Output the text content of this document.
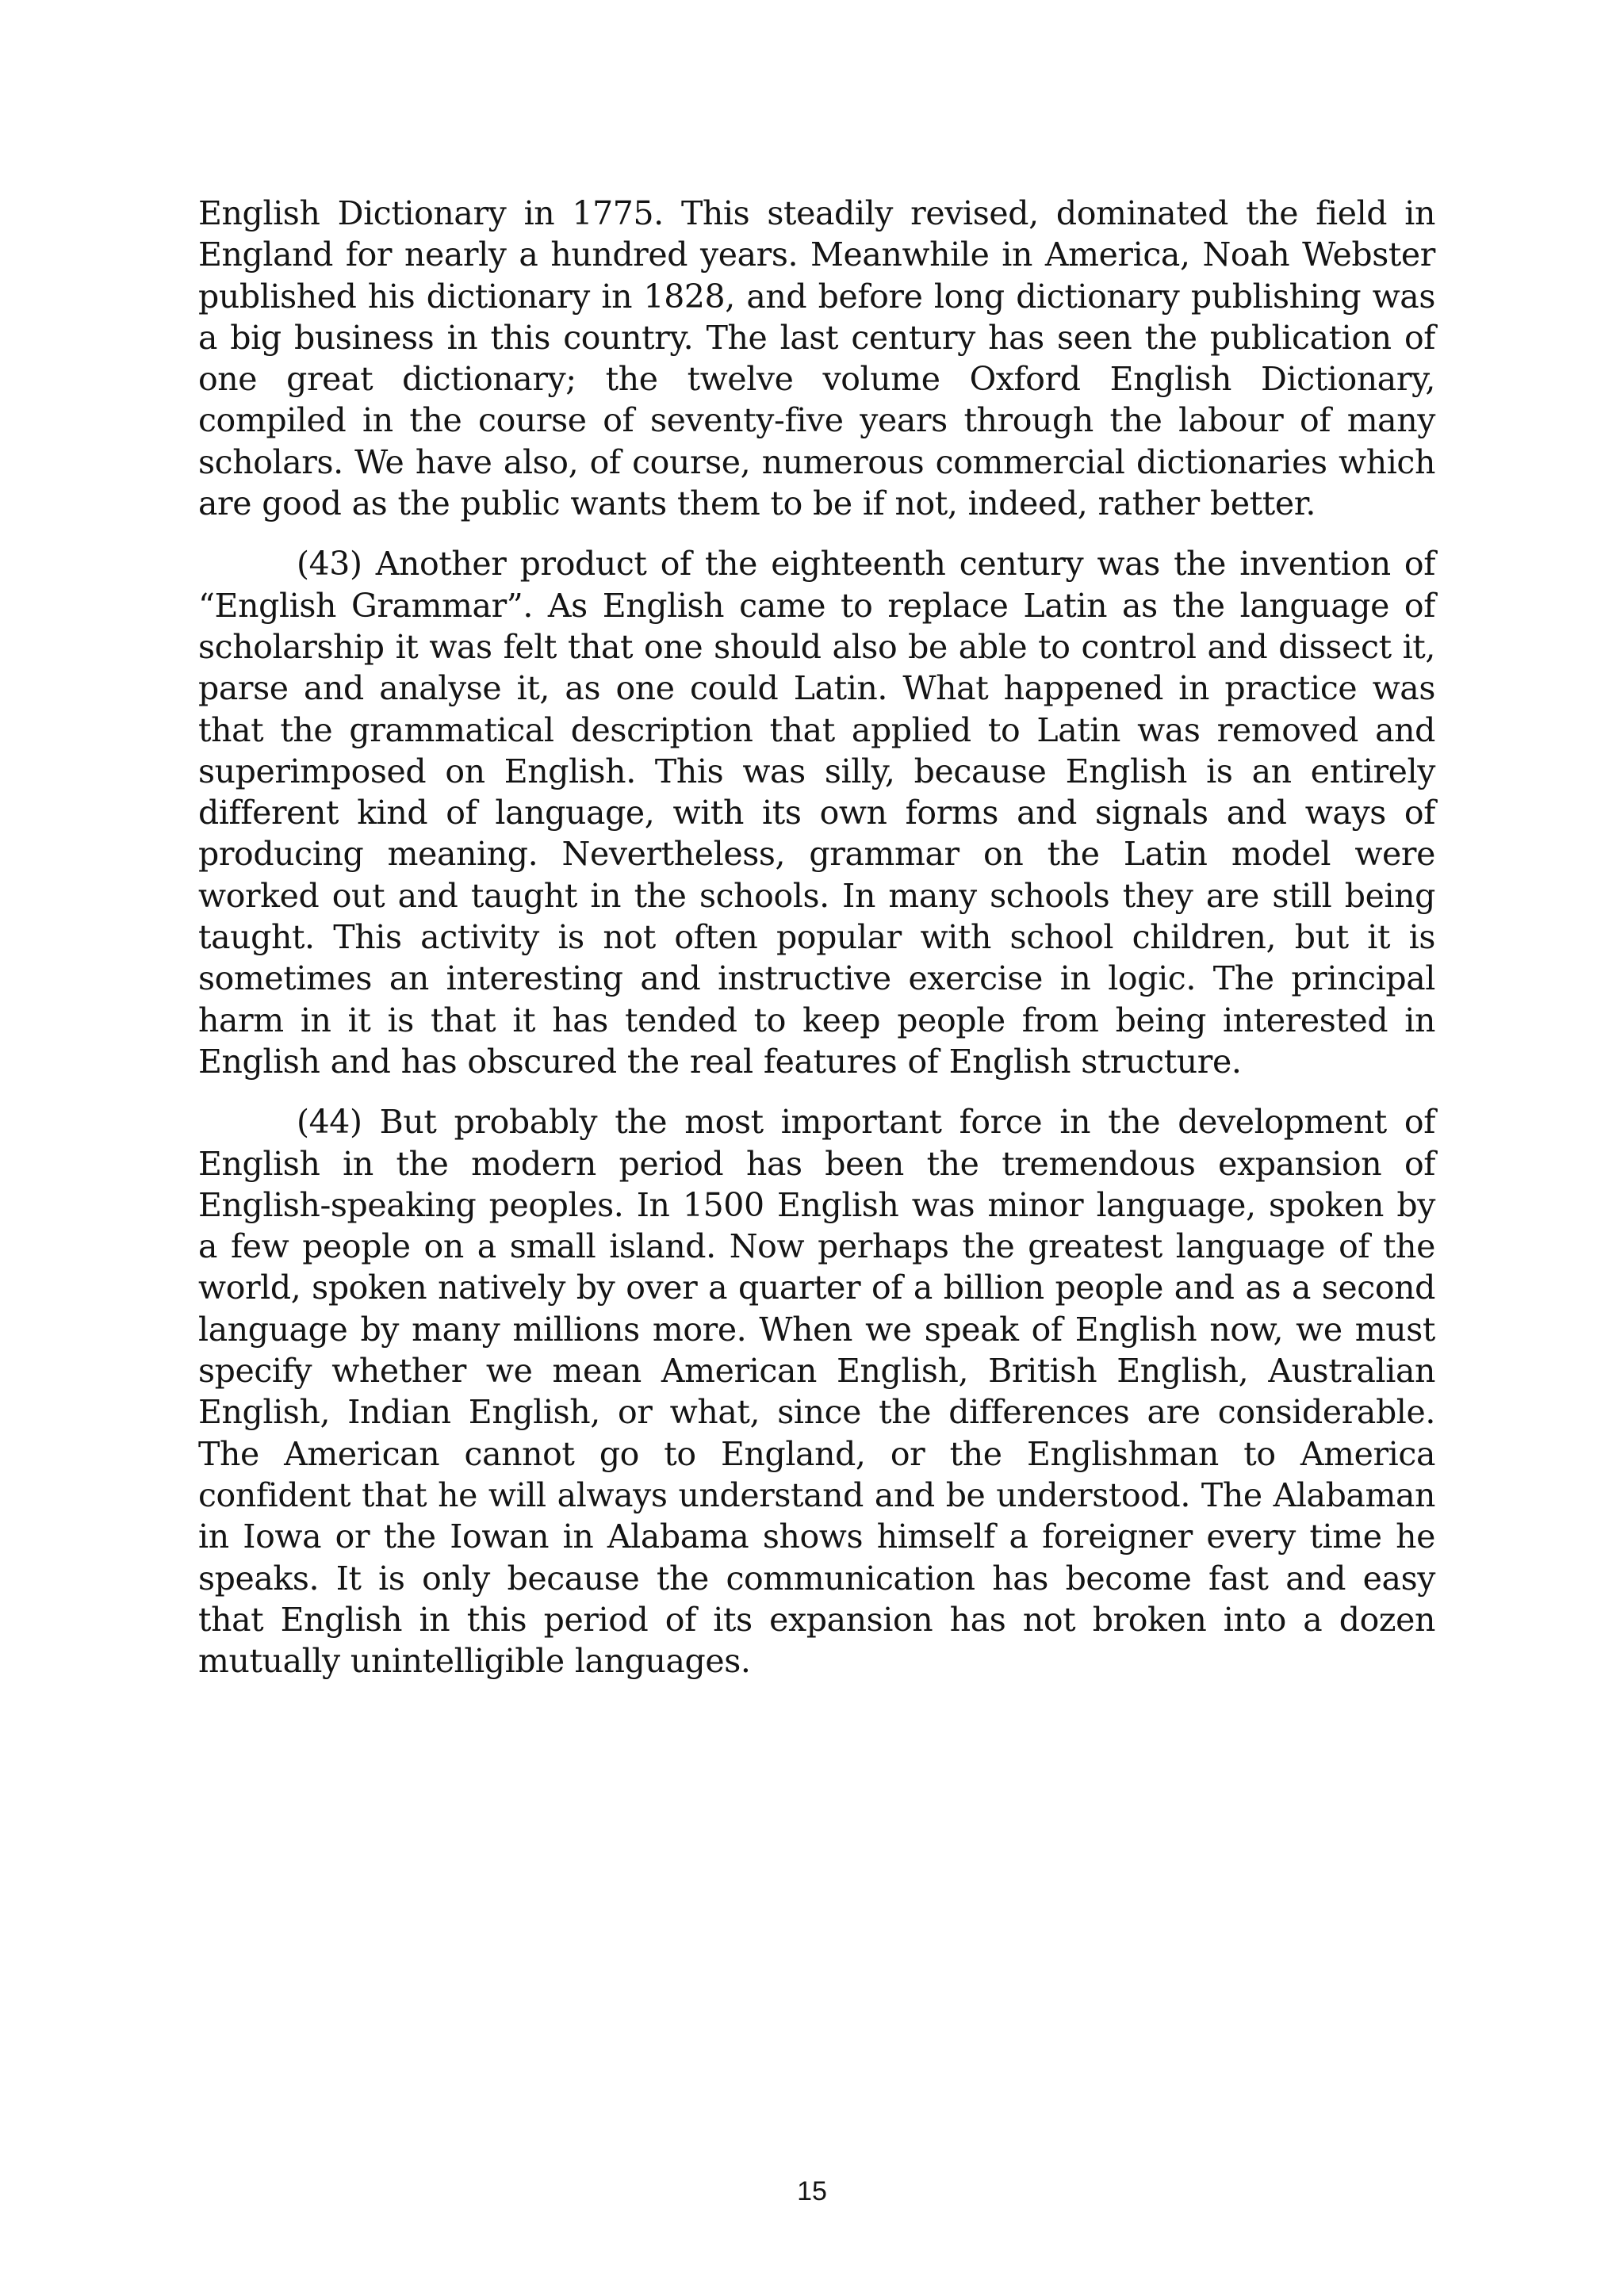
English Dictionary in 1775. This steadily revised, dominated the field in England for nearly a hundred years. Meanwhile in America, Noah Webster published his dictionary in 1828, and before long dictionary publishing was a big business in this country. The last century has seen the publication of one great dictionary; the twelve volume Oxford English Dictionary, compiled in the course of seventy-five years through the labour of many scholars. We have also, of course, numerous commercial dictionaries which are good as the public wants them to be if not, indeed, rather better.

(43) Another product of the eighteenth century was the invention of “English Grammar”. As English came to replace Latin as the language of scholarship it was felt that one should also be able to control and dissect it, parse and analyse it, as one could Latin. What happened in practice was that the grammatical description that applied to Latin was removed and superimposed on English. This was silly, because English is an entirely different kind of language, with its own forms and signals and ways of producing meaning. Nevertheless, grammar on the Latin model were worked out and taught in the schools. In many schools they are still being taught. This activity is not often popular with school children, but it is sometimes an interesting and instructive exercise in logic. The principal harm in it is that it has tended to keep people from being interested in English and has obscured the real features of English structure.

(44) But probably the most important force in the development of English in the modern period has been the tremendous expansion of English-speaking peoples. In 1500 English was minor language, spoken by a few people on a small island. Now perhaps the greatest language of the world, spoken natively by over a quarter of a billion people and as a second language by many millions more. When we speak of English now, we must specify whether we mean American English, British English, Australian English, Indian English, or what, since the differences are considerable. The American cannot go to England, or the Englishman to America confident that he will always understand and be understood. The Alabaman in Iowa or the Iowan in Alabama shows himself a foreigner every time he speaks. It is only because the communication has become fast and easy that English in this period of its expansion has not broken into a dozen mutually unintelligible languages.

15
